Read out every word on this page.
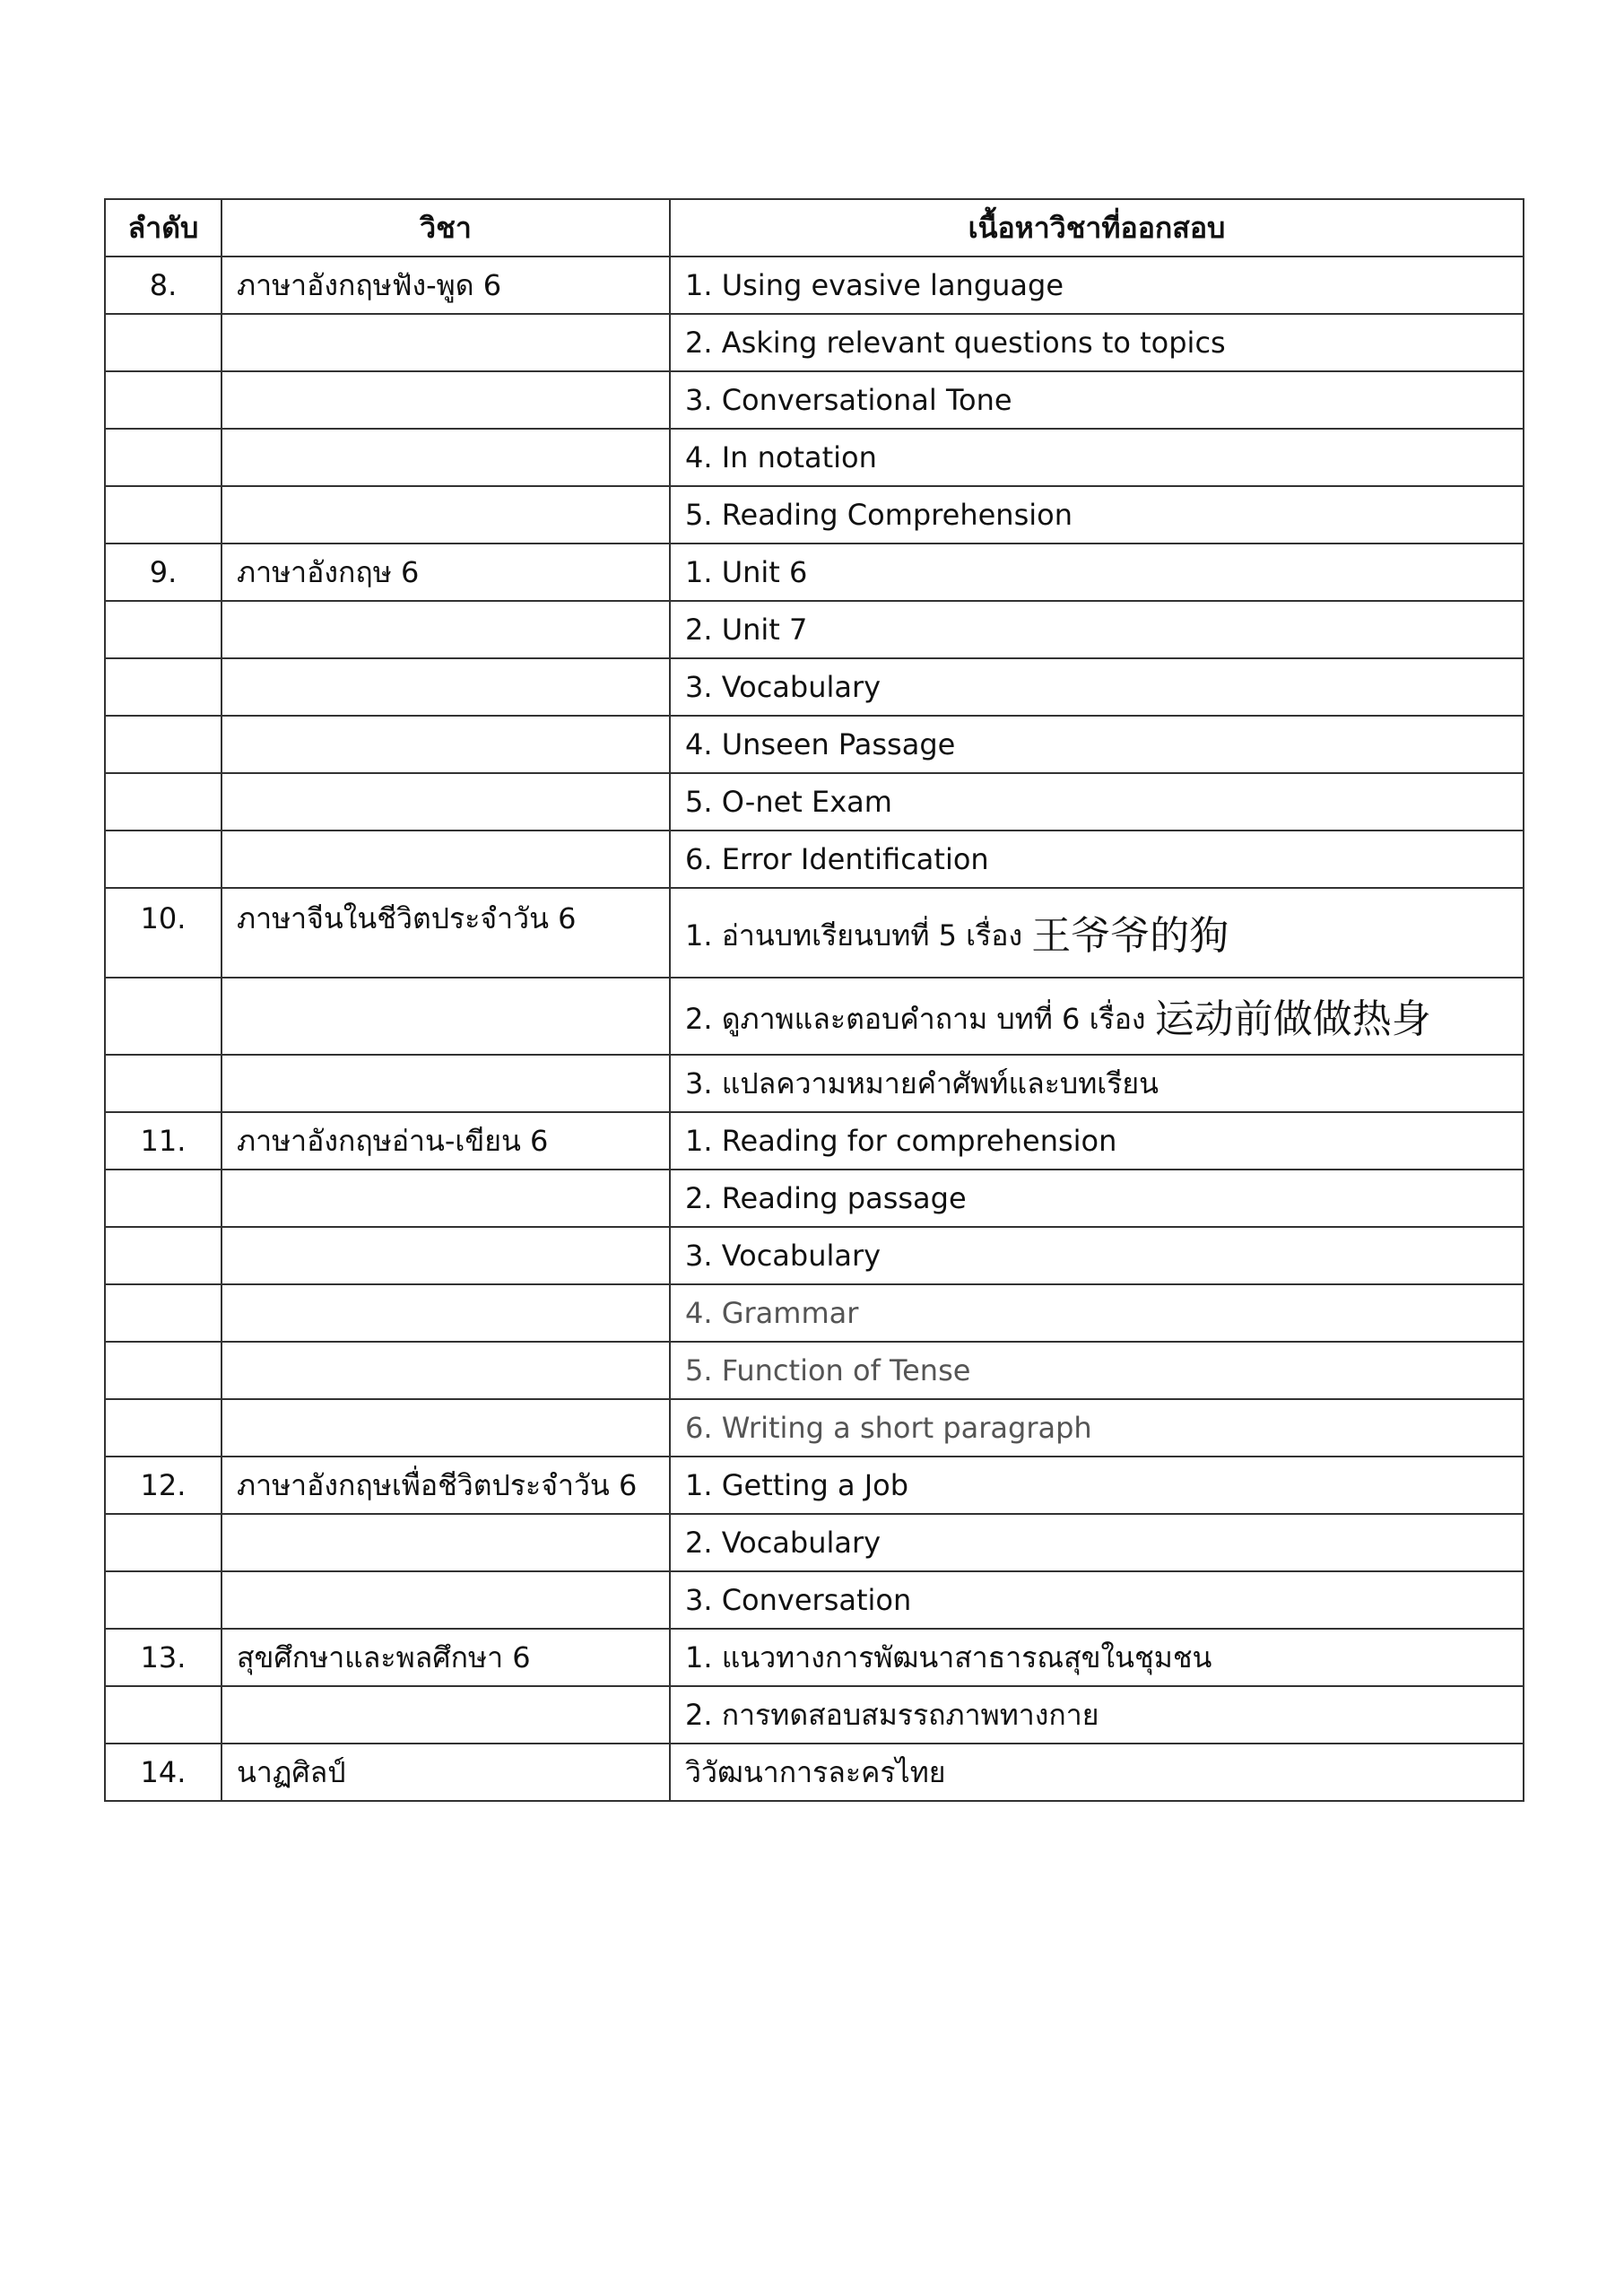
ลำดับ	วิชา	เนื้อหาวิชาที่ออกสอบ
8.	ภาษาอังกฤษฟัง-พูด 6	1. Using evasive language
		2. Asking relevant questions to topics
		3. Conversational Tone
		4. In notation
		5. Reading Comprehension
9.	ภาษาอังกฤษ 6	1. Unit 6
		2. Unit 7
		3. Vocabulary
		4. Unseen Passage
		5. O-net Exam
		6. Error Identification
10.	ภาษาจีนในชีวิตประจำวัน 6	1. อ่านบทเรียนบทที่ 5 เรื่อง 王爷爷的狗
		2. ดูภาพและตอบคำถาม บทที่ 6 เรื่อง 运动前做做热身
		3. แปลความหมายคำศัพท์และบทเรียน
11.	ภาษาอังกฤษอ่าน-เขียน 6	1. Reading for comprehension
		2. Reading passage
		3. Vocabulary
		4. Grammar
		5. Function of Tense
		6. Writing a short paragraph
12.	ภาษาอังกฤษเพื่อชีวิตประจำวัน 6	1. Getting a Job
		2. Vocabulary
		3. Conversation
13.	สุขศึกษาและพลศึกษา 6	1. แนวทางการพัฒนาสาธารณสุขในชุมชน
		2. การทดสอบสมรรถภาพทางกาย
14.	นาฏศิลป์	วิวัฒนาการละครไทย
